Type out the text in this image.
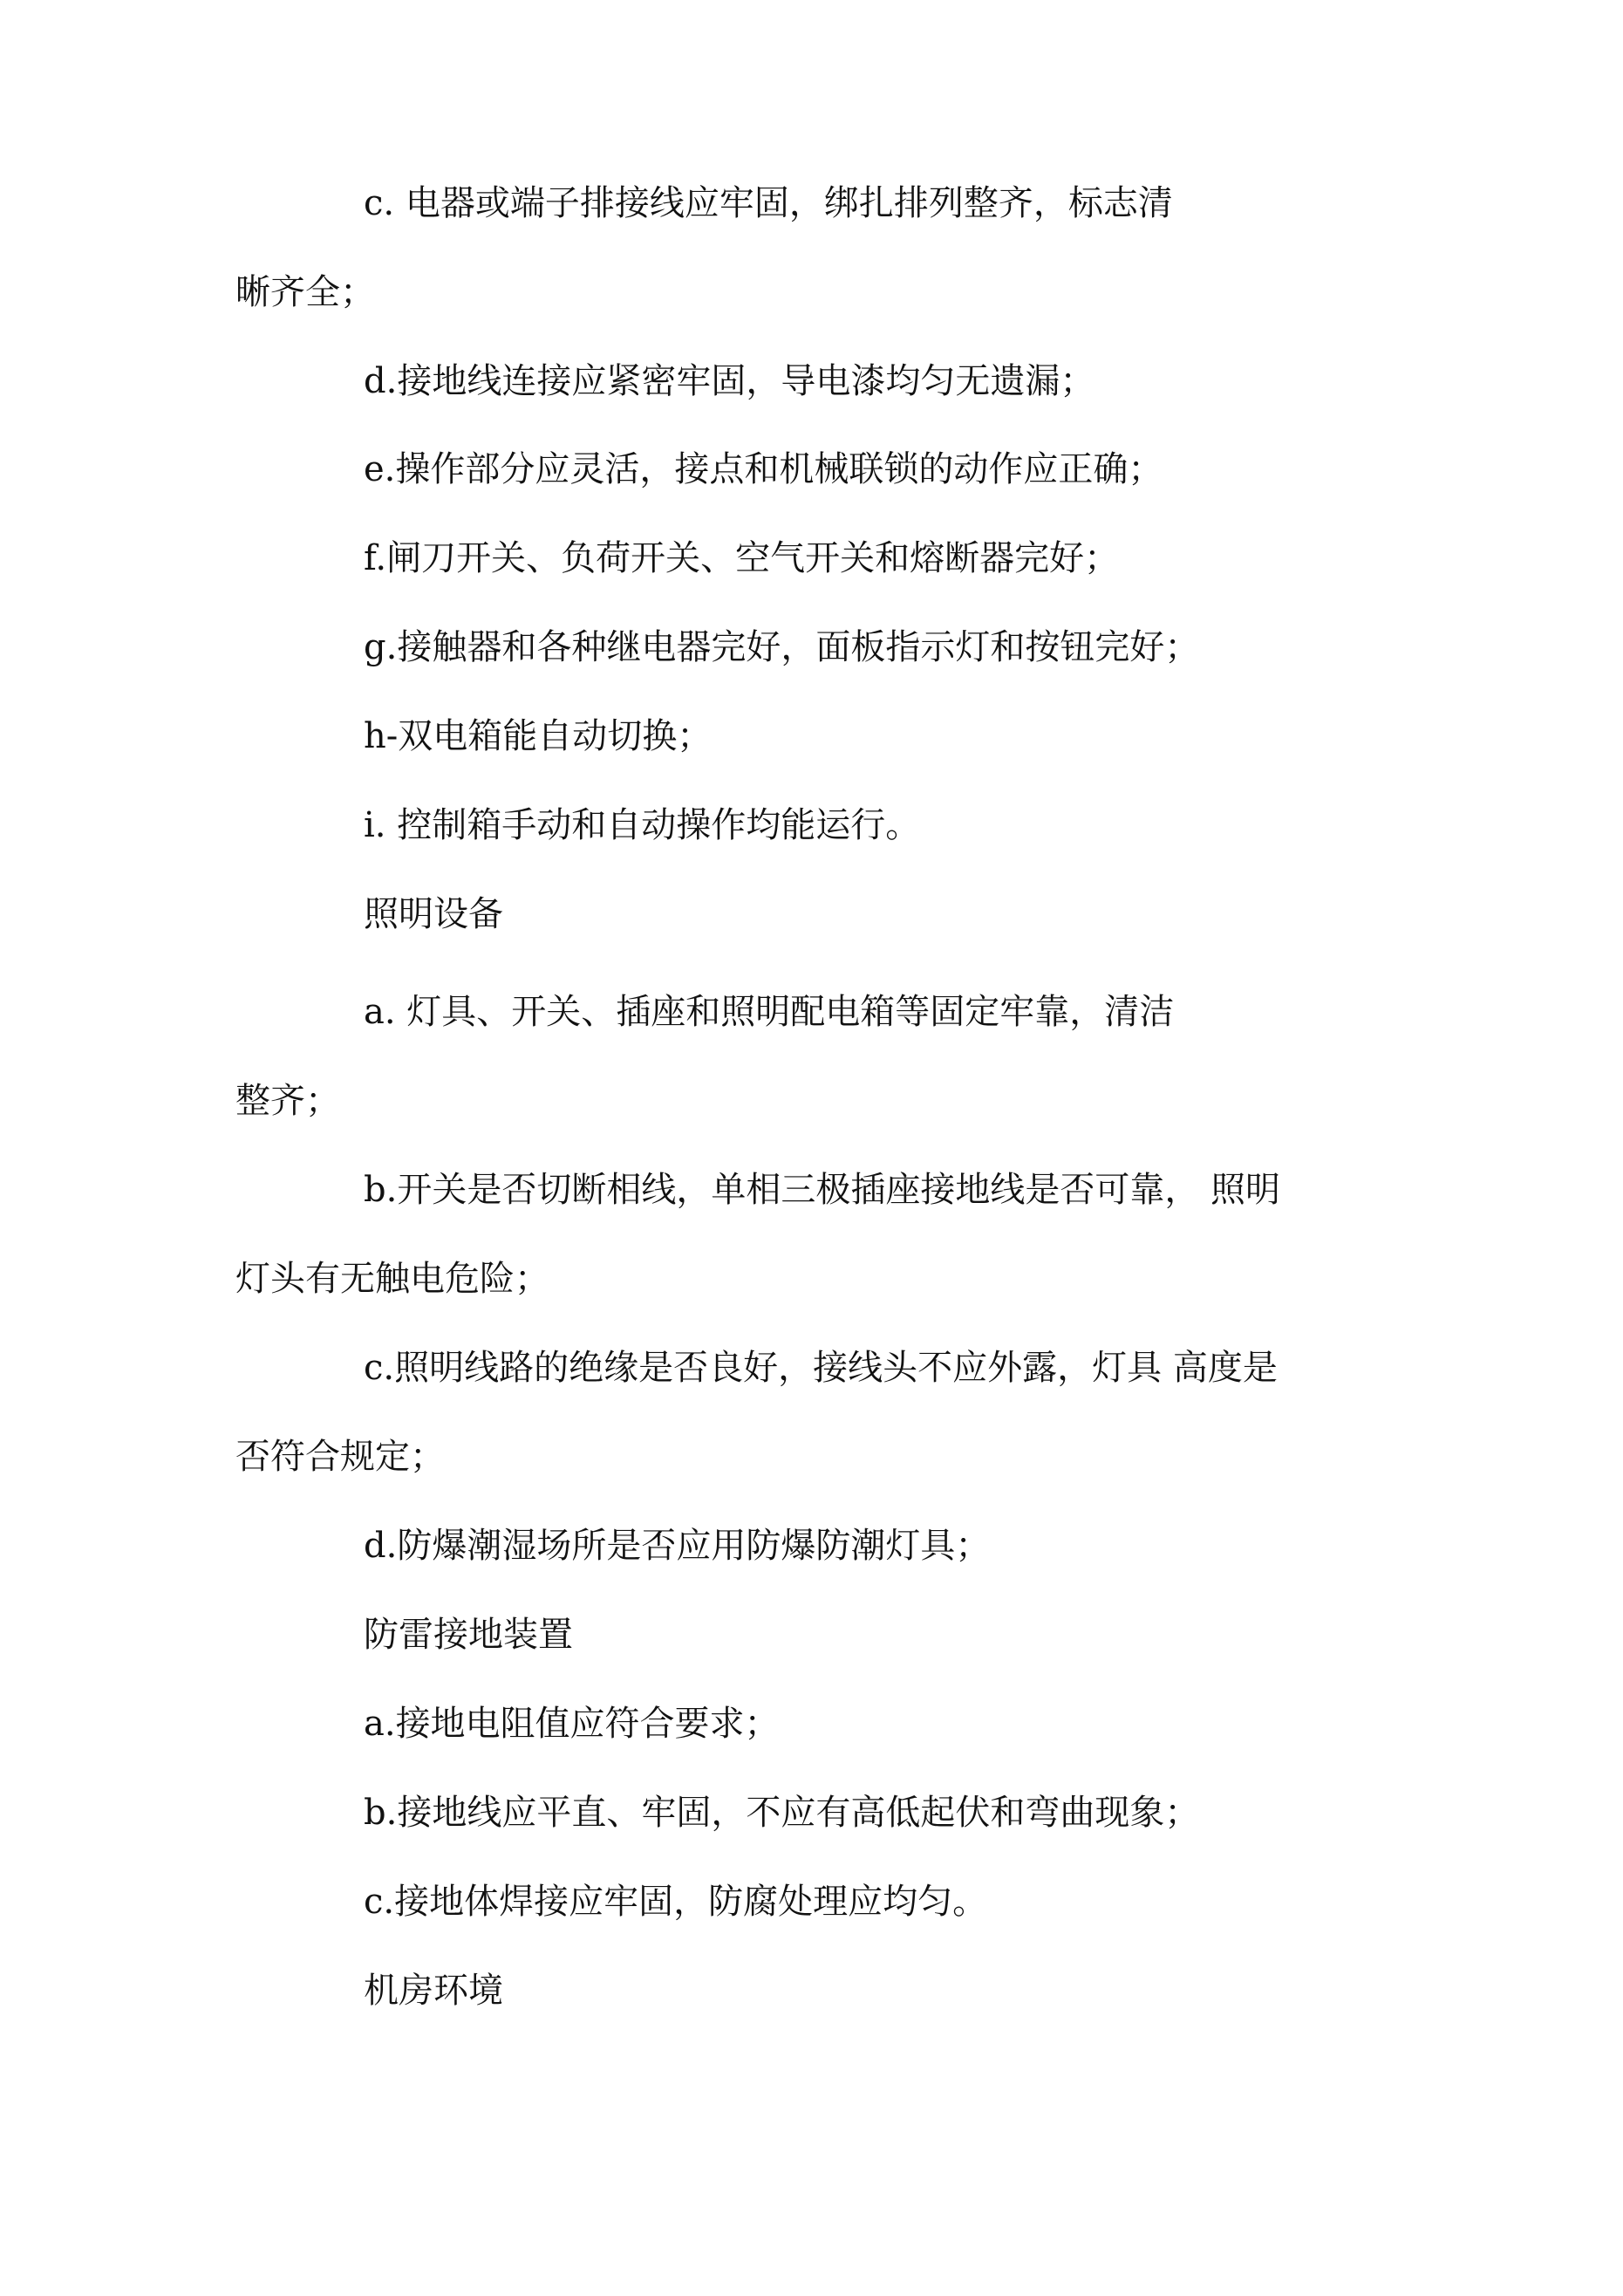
c. 电器或端子排接线应牢固，绑扎排列整齐，标志清
晰齐全；
d.接地线连接应紧密牢固，导电漆均匀无遗漏；
e.操作部分应灵活，接点和机械联锁的动作应正确；
f.闸刀开关、负荷开关、空气开关和熔断器完好；
g.接触器和各种继电器完好，面板指示灯和按钮完好；
h-双电箱能自动切换；
i. 控制箱手动和自动操作均能运行。
照明设备
a. 灯具、开关、插座和照明配电箱等固定牢靠，清洁
整齐；
b.开关是否切断相线，单相三极插座接地线是否可靠， 照明
灯头有无触电危险；
c.照明线路的绝缘是否良好，接线头不应外露，灯具 高度是
否符合规定；
d.防爆潮湿场所是否应用防爆防潮灯具；
防雷接地装置
a.接地电阻值应符合要求；
b.接地线应平直、牢固，不应有高低起伏和弯曲现象；
c.接地体焊接应牢固，防腐处理应均匀。
机房环境
